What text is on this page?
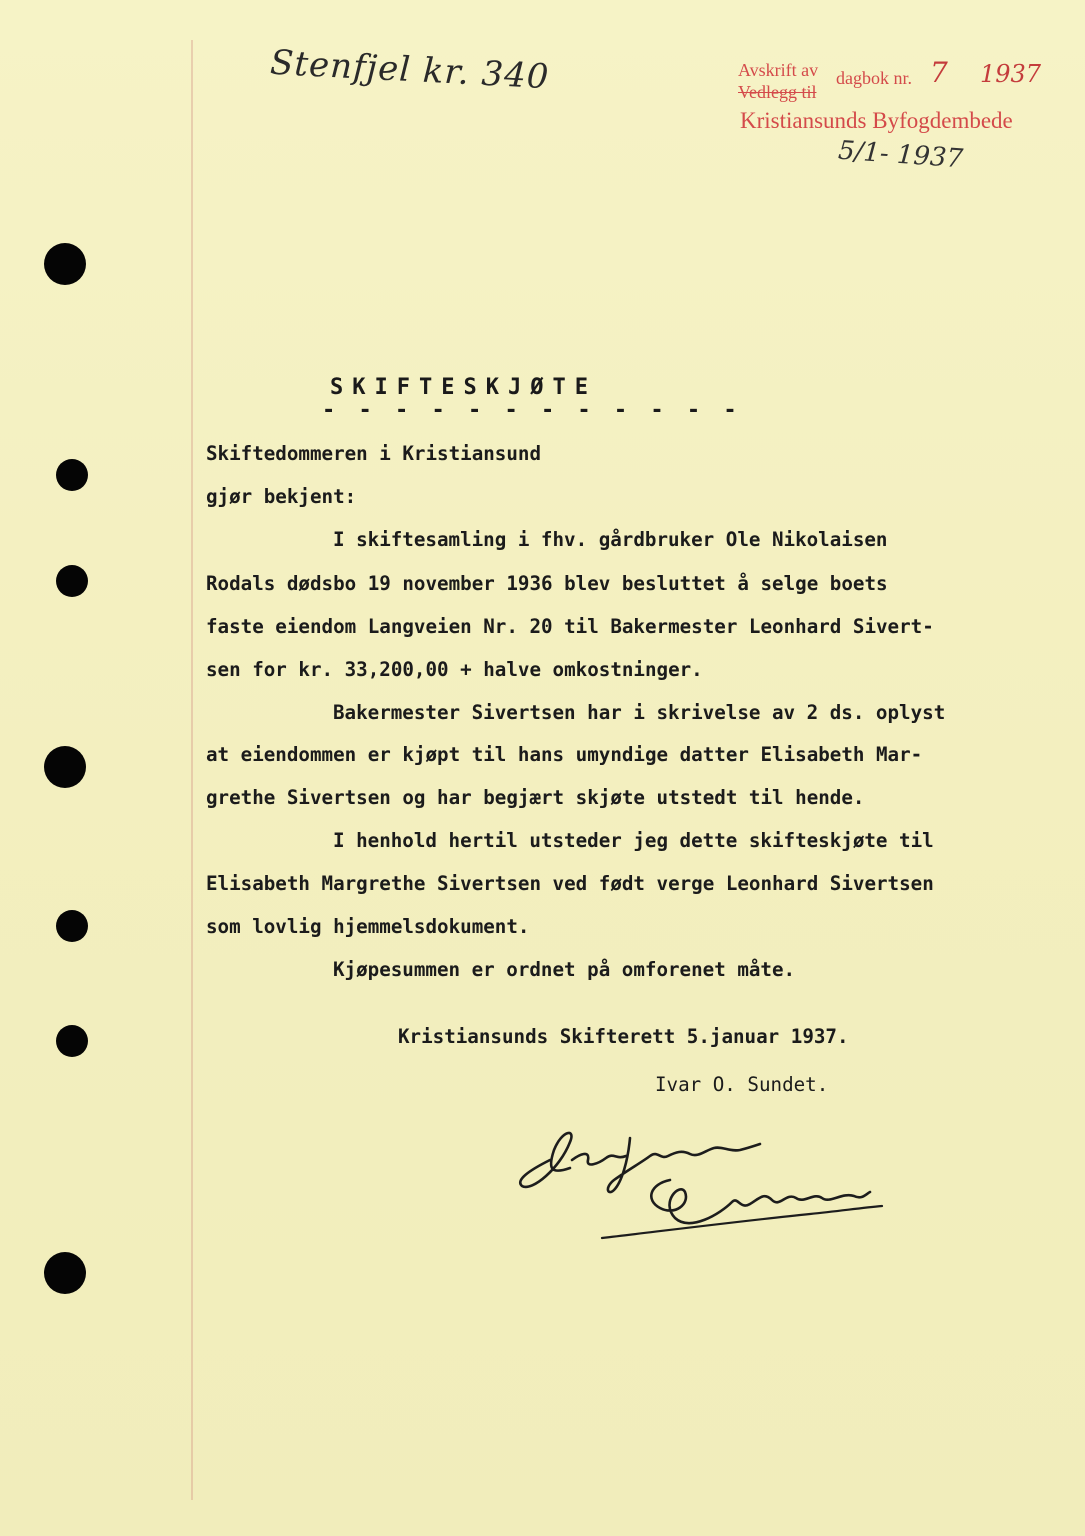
Stenfjel kr. 340	Avskrift av
Vedlegg til
dagbok nr. 7 1937
Kristiansunds Byfogdembede
5/1- 1937
SKIFTESKJØTE
- - - - - - - - - - - -
Skiftedommeren i Kristiansund
gjør bekjent:
I skiftesamling i fhv. gårdbruker Ole Nikolaisen
Rodals dødsbo 19 november 1936 blev besluttet å selge boets
faste eiendom Langveien Nr. 20 til Bakermester Leonhard Sivert-
sen for kr. 33,200,00 + halve omkostninger.
Bakermester Sivertsen har i skrivelse av 2 ds. oplyst
at eiendommen er kjøpt til hans umyndige datter Elisabeth Mar-
grethe Sivertsen og har begjært skjøte utstedt til hende.
I henhold hertil utsteder jeg dette skifteskjøte til
Elisabeth Margrethe Sivertsen ved født verge Leonhard Sivertsen
som lovlig hjemmelsdokument.
Kjøpesummen er ordnet på omforenet måte.
Kristiansunds Skifterett 5.januar 1937.
Ivar O. Sundet.
